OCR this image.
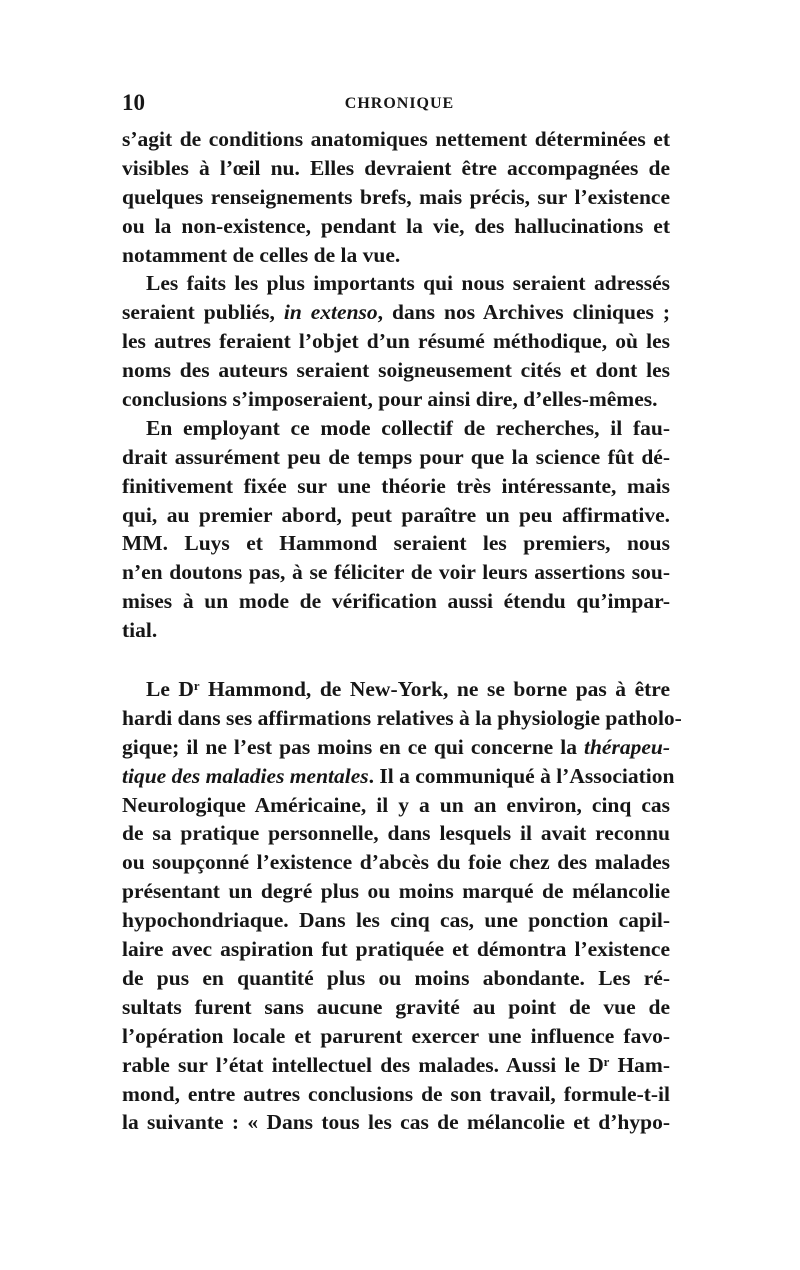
10	CHRONIQUE
s’agit de conditions anatomiques nettement déterminées et
visibles à l’œil nu. Elles devraient être accompagnées de
quelques renseignements brefs, mais précis, sur l’existence
ou la non-existence, pendant la vie, des hallucinations et
notamment de celles de la vue.
Les faits les plus importants qui nous seraient adressés
seraient publiés, in extenso, dans nos Archives cliniques ;
les autres feraient l’objet d’un résumé méthodique, où les
noms des auteurs seraient soigneusement cités et dont les
conclusions s’imposeraient, pour ainsi dire, d’elles-mêmes.
En employant ce mode collectif de recherches, il fau-
drait assurément peu de temps pour que la science fût dé-
finitivement fixée sur une théorie très intéressante, mais
qui, au premier abord, peut paraître un peu affirmative.
MM. Luys et Hammond seraient les premiers, nous
n’en doutons pas, à se féliciter de voir leurs assertions sou-
mises à un mode de vérification aussi étendu qu’impar-
tial.
Le Dʳ Hammond, de New-York, ne se borne pas à être
hardi dans ses affirmations relatives à la physiologie patholo-
gique; il ne l’est pas moins en ce qui concerne la thérapeu-
tique des maladies mentales. Il a communiqué à l’Association
Neurologique Américaine, il y a un an environ, cinq cas
de sa pratique personnelle, dans lesquels il avait reconnu
ou soupçonné l’existence d’abcès du foie chez des malades
présentant un degré plus ou moins marqué de mélancolie
hypochondriaque. Dans les cinq cas, une ponction capil-
laire avec aspiration fut pratiquée et démontra l’existence
de pus en quantité plus ou moins abondante. Les ré-
sultats furent sans aucune gravité au point de vue de
l’opération locale et parurent exercer une influence favo-
rable sur l’état intellectuel des malades. Aussi le Dʳ Ham-
mond, entre autres conclusions de son travail, formule-t-il
la suivante : « Dans tous les cas de mélancolie et d’hypo-
